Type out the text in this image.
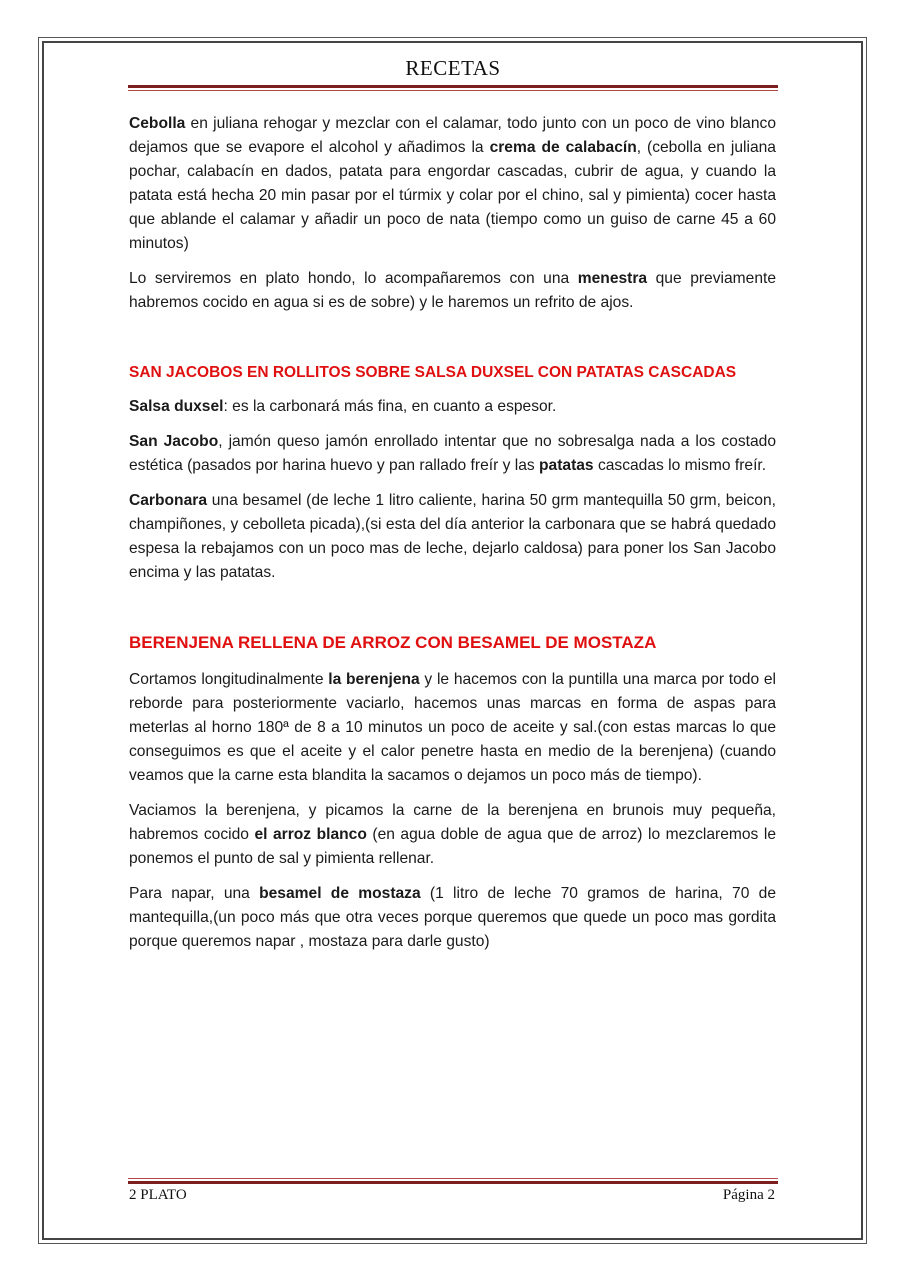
RECETAS

Cebolla en juliana rehogar y mezclar con el calamar, todo junto con un poco de vino blanco dejamos que se evapore el alcohol y añadimos la crema de calabacín, (cebolla en juliana pochar, calabacín en dados, patata para engordar cascadas, cubrir de agua, y cuando la patata está hecha 20 min pasar por el túrmix y colar por el chino, sal y pimienta) cocer hasta que ablande el calamar y añadir un poco de nata (tiempo como un guiso de carne 45 a 60 minutos)

Lo serviremos en plato hondo, lo acompañaremos con una menestra que previamente habremos cocido en agua si es de sobre) y le haremos un refrito de ajos.

SAN JACOBOS EN ROLLITOS SOBRE SALSA DUXSEL CON PATATAS CASCADAS

Salsa duxsel: es la carbonará más fina, en cuanto a espesor.

San Jacobo, jamón queso jamón enrollado intentar que no sobresalga nada a los costado estética (pasados por harina huevo y pan rallado freír y las patatas cascadas lo mismo freír.

Carbonara una besamel (de leche 1 litro caliente, harina 50 grm mantequilla 50 grm, beicon, champiñones, y cebolleta picada),(si esta del día anterior la carbonara que se habrá quedado espesa la rebajamos con un poco mas de leche, dejarlo caldosa) para poner los San Jacobo encima y las patatas.

BERENJENA RELLENA DE ARROZ CON BESAMEL DE MOSTAZA

Cortamos longitudinalmente la berenjena y le hacemos con la puntilla una marca por todo el reborde para posteriormente vaciarlo, hacemos unas marcas en forma de aspas para meterlas al horno 180ª de 8 a 10 minutos un poco de aceite y sal.(con estas marcas lo que conseguimos es que el aceite y el calor penetre hasta en medio de la berenjena) (cuando veamos que la carne esta blandita la sacamos o dejamos un poco más de tiempo).

Vaciamos la berenjena, y picamos la carne de la berenjena en brunois muy pequeña, habremos cocido el arroz blanco (en agua doble de agua que de arroz) lo mezclaremos le ponemos el punto de sal y pimienta rellenar.

Para napar, una besamel de mostaza (1 litro de leche 70 gramos de harina, 70 de mantequilla,(un poco más que otra veces porque queremos que quede un poco mas gordita porque queremos napar , mostaza para darle gusto)

2 PLATO	Página 2
